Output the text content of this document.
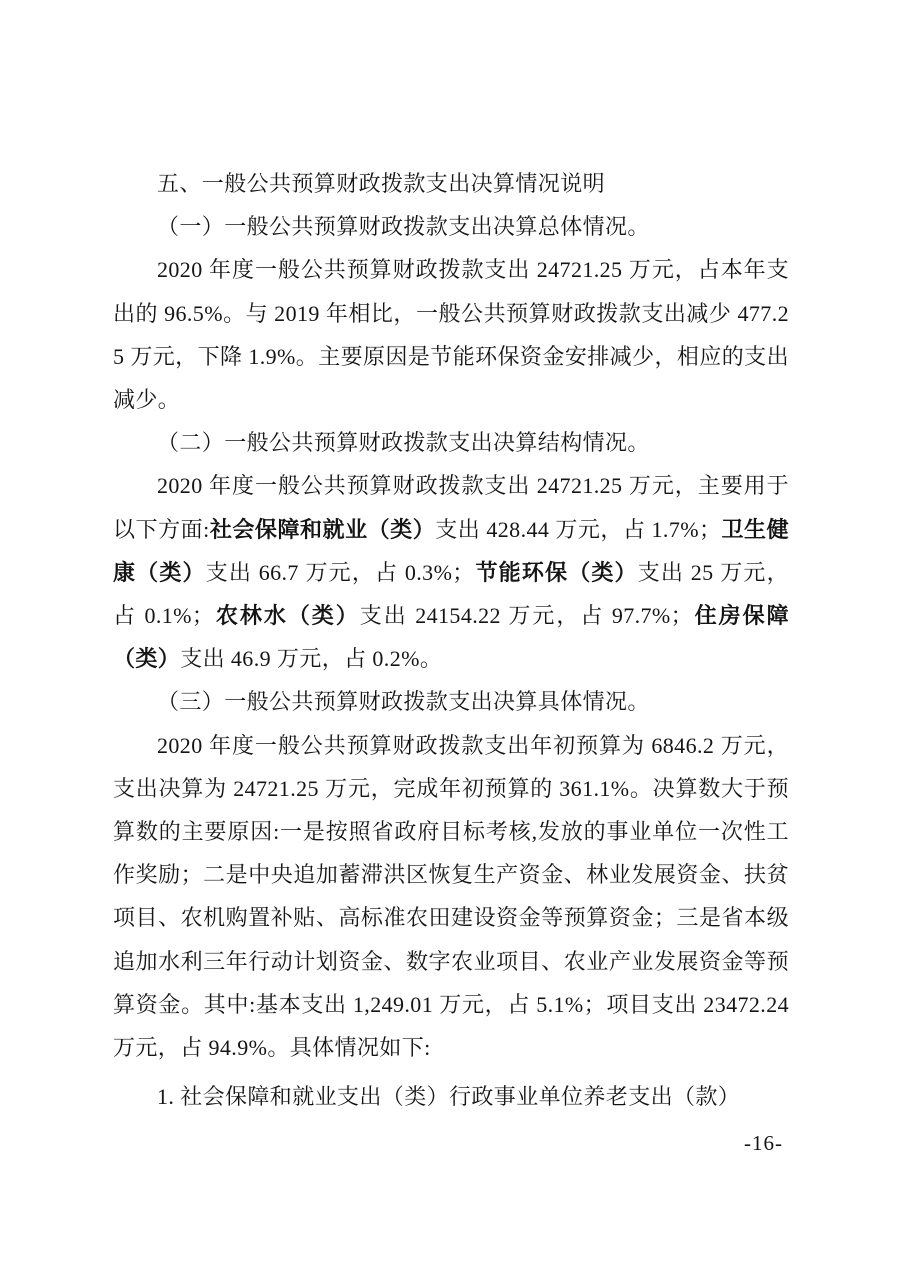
五、一般公共预算财政拨款支出决算情况说明
（一）一般公共预算财政拨款支出决算总体情况。

2020 年度一般公共预算财政拨款支出 24721.25 万元，占本年支出的 96.5%。与 2019 年相比，一般公共预算财政拨款支出减少 477.25 万元，下降 1.9%。主要原因是节能环保资金安排减少，相应的支出减少。

（二）一般公共预算财政拨款支出决算结构情况。

2020 年度一般公共预算财政拨款支出 24721.25 万元，主要用于以下方面:社会保障和就业（类）支出 428.44 万元，占 1.7%；卫生健康（类）支出 66.7 万元，占 0.3%；节能环保（类）支出 25 万元，占 0.1%；农林水（类）支出 24154.22 万元，占 97.7%；住房保障（类）支出 46.9 万元，占 0.2%。

（三）一般公共预算财政拨款支出决算具体情况。

2020 年度一般公共预算财政拨款支出年初预算为 6846.2 万元，支出决算为 24721.25 万元，完成年初预算的 361.1%。决算数大于预算数的主要原因:一是按照省政府目标考核,发放的事业单位一次性工作奖励；二是中央追加蓄滞洪区恢复生产资金、林业发展资金、扶贫项目、农机购置补贴、高标准农田建设资金等预算资金；三是省本级追加水利三年行动计划资金、数字农业项目、农业产业发展资金等预算资金。其中:基本支出 1,249.01 万元，占 5.1%；项目支出 23472.24 万元，占 94.9%。具体情况如下:

1. 社会保障和就业支出（类）行政事业单位养老支出（款）

-16-
